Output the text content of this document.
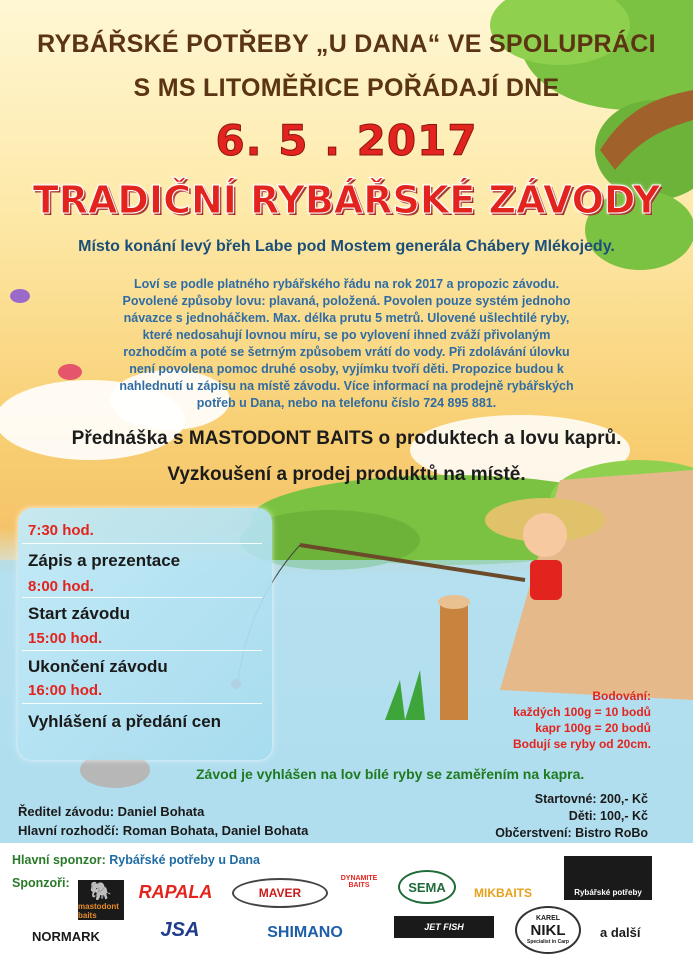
RYBÁŘSKÉ POTŘEBY „U DANA“ VE SPOLUPRÁCI
S MS LITOMĚŘICE POŘÁDAJÍ DNE
6. 5 . 2017
TRADIČNÍ RYBÁŘSKÉ ZÁVODY
Místo konání levý břeh Labe pod Mostem generála Chábery Mlékojedy.
Loví se podle platného rybářského řádu na rok 2017 a propozic závodu.
Povolené způsoby lovu: plavaná, položená. Povolen pouze systém jednoho
návazce s jednoháčkem. Max. délka prutu 5 metrů. Ulovené ušlechtilé ryby,
které nedosahují lovnou míru, se po vylovení ihned zváží přivolaným
rozhodčím a poté se šetrným způsobem vrátí do vody. Při zdolávání úlovku
není povolena pomoc druhé osoby, vyjímku tvoří děti. Propozice budou k
nahlednutí u zápisu na místě závodu. Více informací na prodejně rybářských
potřeb u Dana, nebo na telefonu číslo 724 895 881.
Přednáška s MASTODONT BAITS o produktech a lovu kaprů.
Vyzkoušení a prodej produktů na místě.
7:30 hod.
Zápis a prezentace
8:00 hod.
Start závodu
15:00 hod.
Ukončení závodu
16:00 hod.
Vyhlášení a předání cen
Bodování:
každých 100g = 10 bodů
kapr 100g = 20 bodů
Bodují se ryby od 20cm.
Závod je vyhlášen na lov bílé ryby se zaměřením na kapra.
Startovné: 200,- Kč
Děti: 100,- Kč
Občerstvení: Bistro RoBo
Ředitel závodu: Daniel Bohata
Hlavní rozhodčí: Roman Bohata, Daniel Bohata
Hlavní sponzor: Rybářské potřeby u Dana
Sponzoři: 🐘
mastodont baits
RAPALA	MAVER
DYNAMITE BAITS	SEMA	MIKBAITS	Rybářské potřeby
NORMARK	JSA	SHIMANO	JET FISH
KAREL
NIKL
Specialist in Carp
a další
